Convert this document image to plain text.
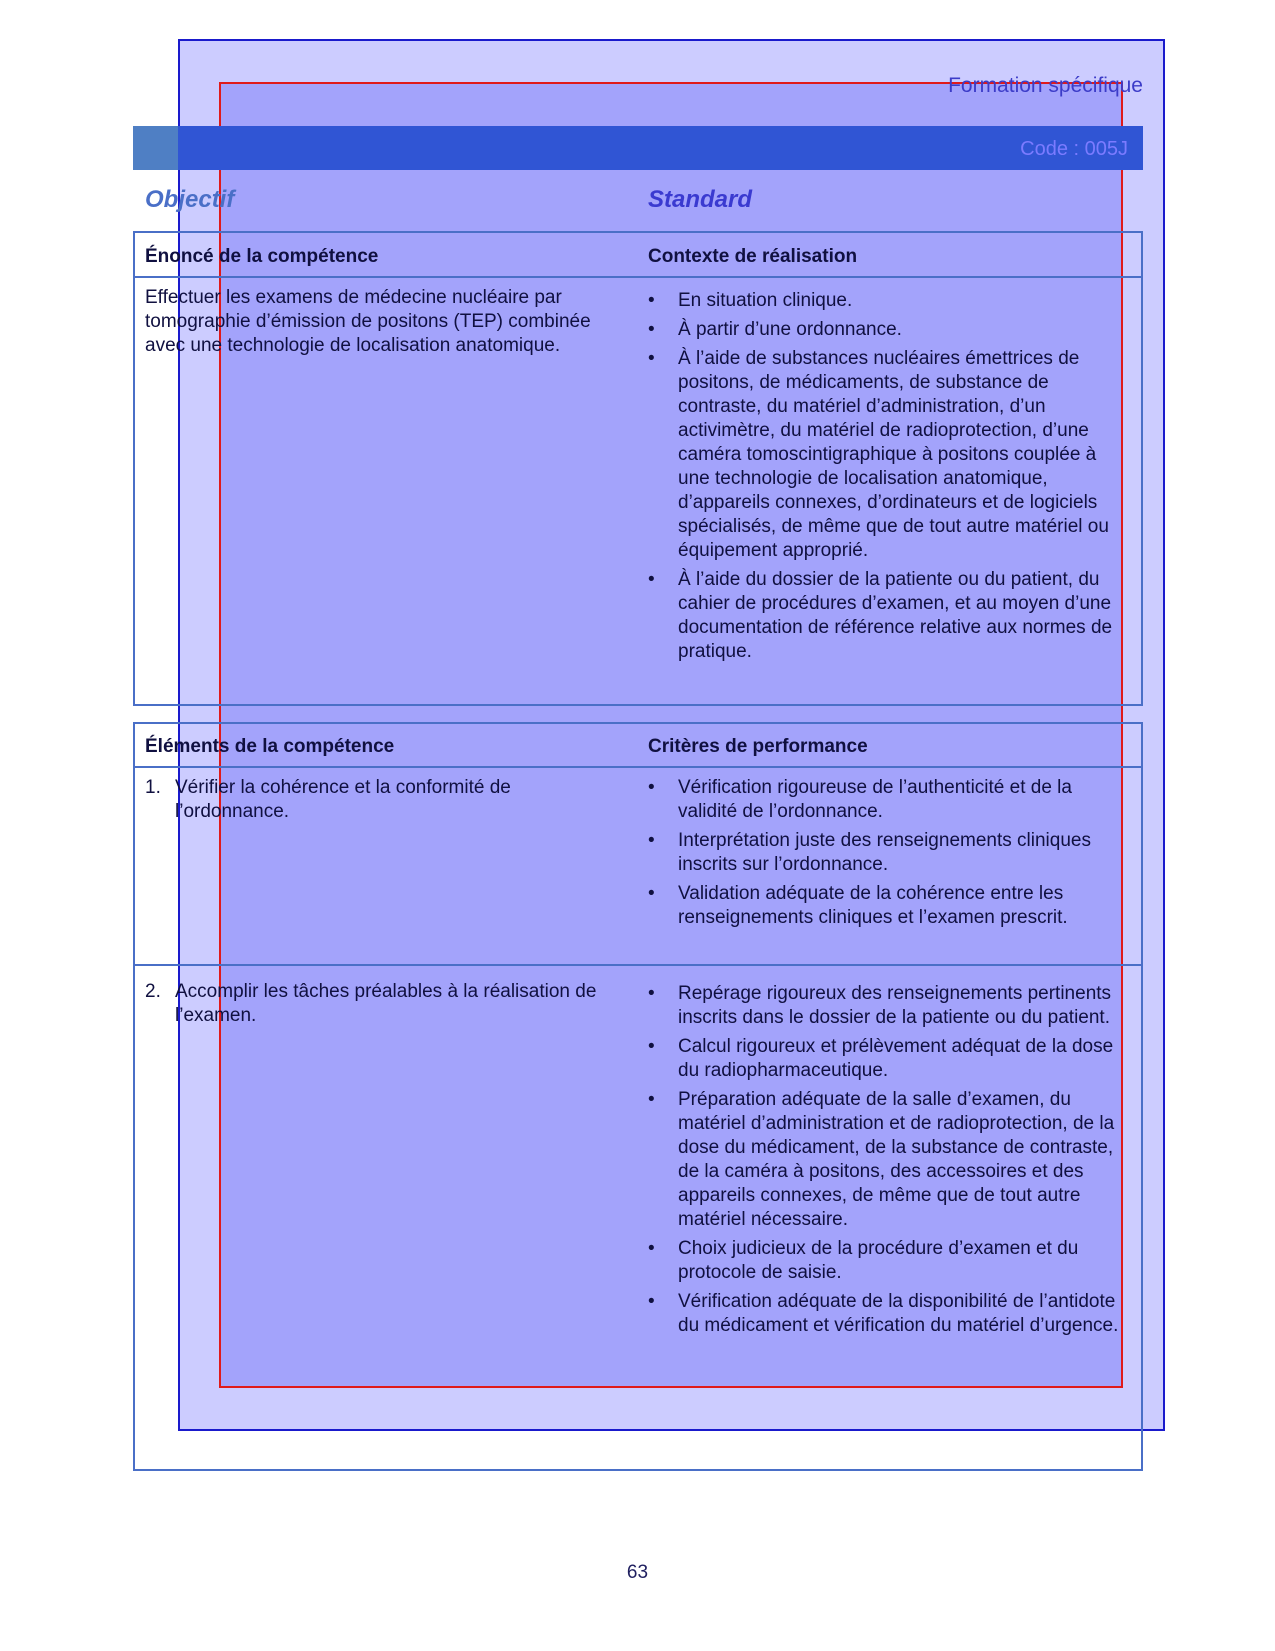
Formation spécifique
Code : 005J
Objectif	Standard
Énoncé de la compétence	Contexte de réalisation
Effectuer les examens de médecine nucléaire par tomographie d’émission de positons (TEP) combinée avec une technologie de localisation anatomique.
• En situation clinique.
• À partir d’une ordonnance.
• À l’aide de substances nucléaires émettrices de positons, de médicaments, de substance de contraste, du matériel d’administration, d’un activimètre, du matériel de radioprotection, d’une caméra tomoscintigraphique à positons couplée à une technologie de localisation anatomique, d’appareils connexes, d’ordinateurs et de logiciels spécialisés, de même que de tout autre matériel ou équipement approprié.
• À l’aide du dossier de la patiente ou du patient, du cahier de procédures d’examen, et au moyen d’une documentation de référence relative aux normes de pratique.
Éléments de la compétence	Critères de performance
1. Vérifier la cohérence et la conformité de l’ordonnance.
• Vérification rigoureuse de l’authenticité et de la validité de l’ordonnance.
• Interprétation juste des renseignements cliniques inscrits sur l’ordonnance.
• Validation adéquate de la cohérence entre les renseignements cliniques et l’examen prescrit.
2. Accomplir les tâches préalables à la réalisation de l’examen.
• Repérage rigoureux des renseignements pertinents inscrits dans le dossier de la patiente ou du patient.
• Calcul rigoureux et prélèvement adéquat de la dose du radiopharmaceutique.
• Préparation adéquate de la salle d’examen, du matériel d’administration et de radioprotection, de la dose du médicament, de la substance de contraste, de la caméra à positons, des accessoires et des appareils connexes, de même que de tout autre matériel nécessaire.
• Choix judicieux de la procédure d’examen et du protocole de saisie.
• Vérification adéquate de la disponibilité de l’antidote du médicament et vérification du matériel d’urgence.
63
